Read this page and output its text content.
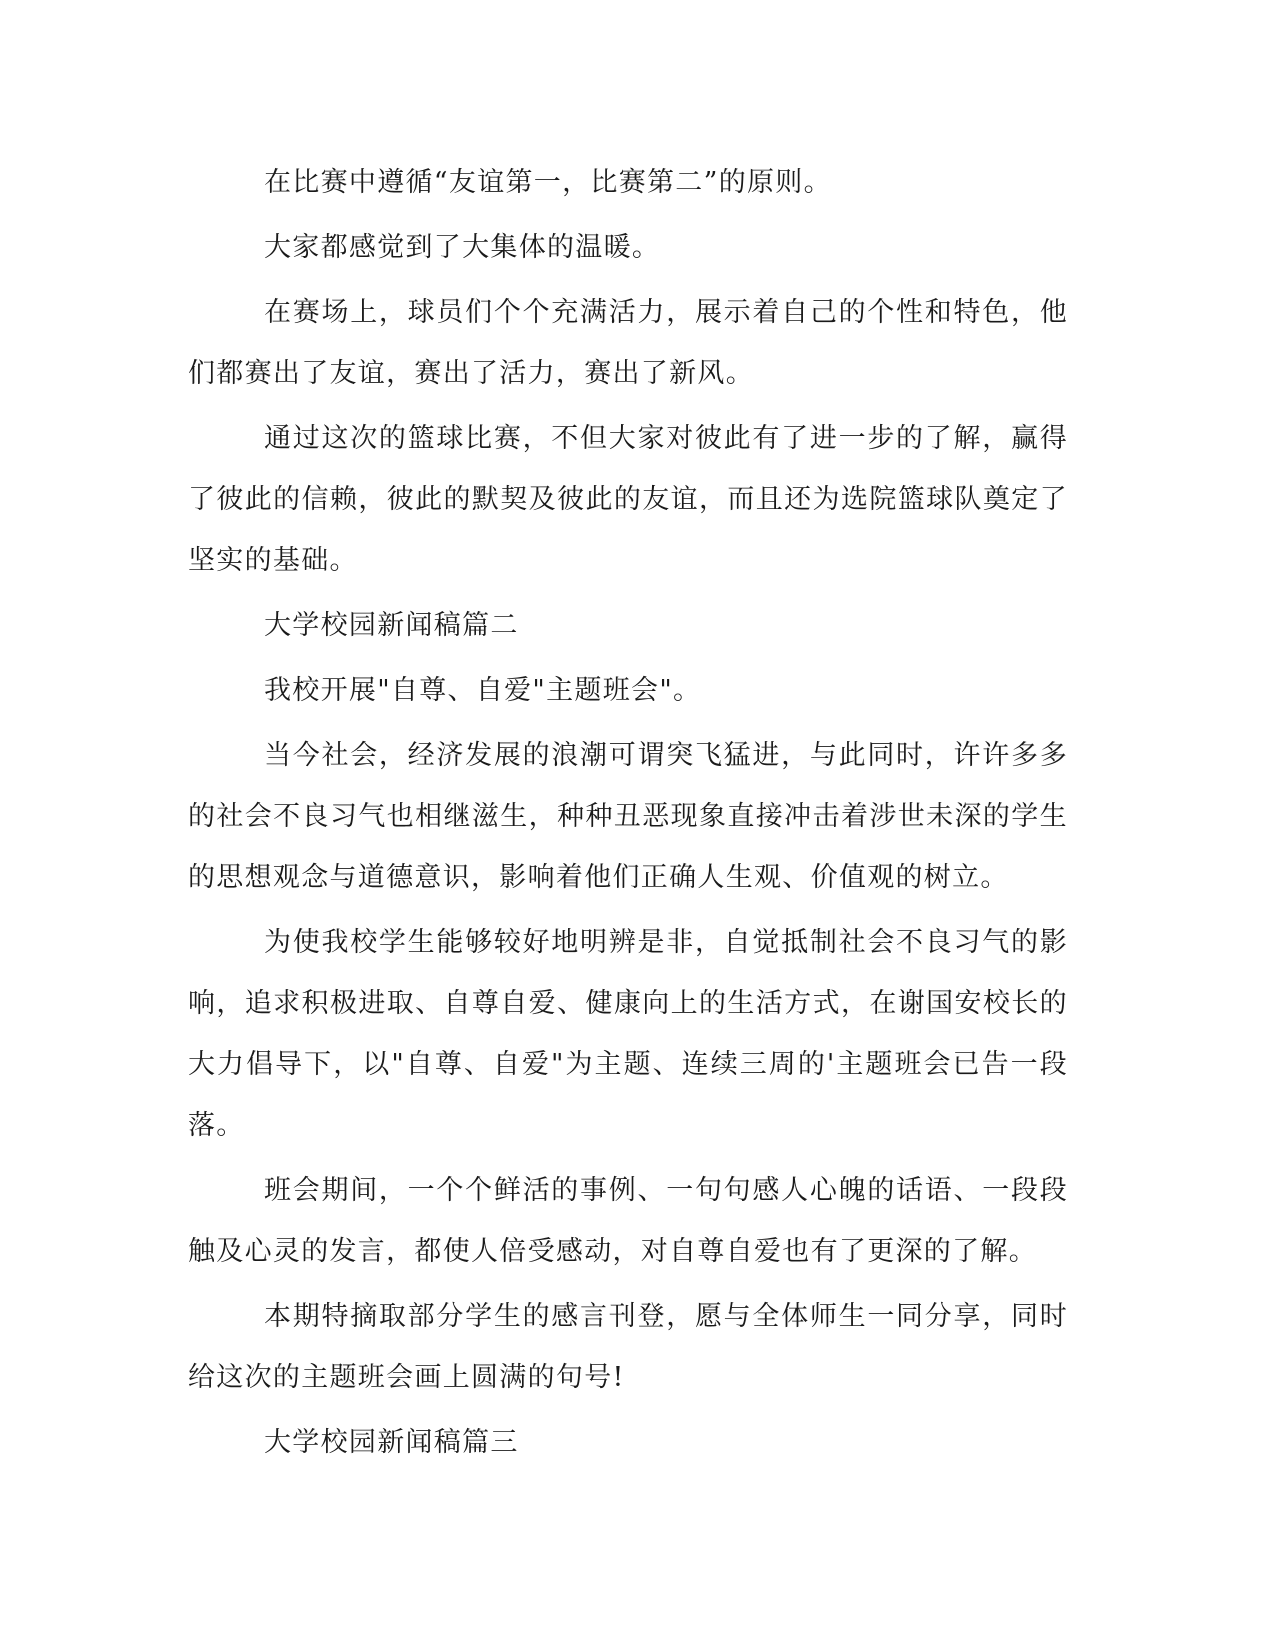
在比赛中遵循“友谊第一，比赛第二”的原则。

大家都感觉到了大集体的温暖。

在赛场上，球员们个个充满活力，展示着自己的个性和特色，他们都赛出了友谊，赛出了活力，赛出了新风。

通过这次的篮球比赛，不但大家对彼此有了进一步的了解，赢得了彼此的信赖，彼此的默契及彼此的友谊，而且还为选院篮球队奠定了坚实的基础。

大学校园新闻稿篇二

我校开展"自尊、自爱"主题班会"。

当今社会，经济发展的浪潮可谓突飞猛进，与此同时，许许多多的社会不良习气也相继滋生，种种丑恶现象直接冲击着涉世未深的学生的思想观念与道德意识，影响着他们正确人生观、价值观的树立。

为使我校学生能够较好地明辨是非，自觉抵制社会不良习气的影响，追求积极进取、自尊自爱、健康向上的生活方式，在谢国安校长的大力倡导下，以"自尊、自爱"为主题、连续三周的'主题班会已告一段落。

班会期间，一个个鲜活的事例、一句句感人心魄的话语、一段段触及心灵的发言，都使人倍受感动，对自尊自爱也有了更深的了解。

本期特摘取部分学生的感言刊登，愿与全体师生一同分享，同时给这次的主题班会画上圆满的句号!

大学校园新闻稿篇三
